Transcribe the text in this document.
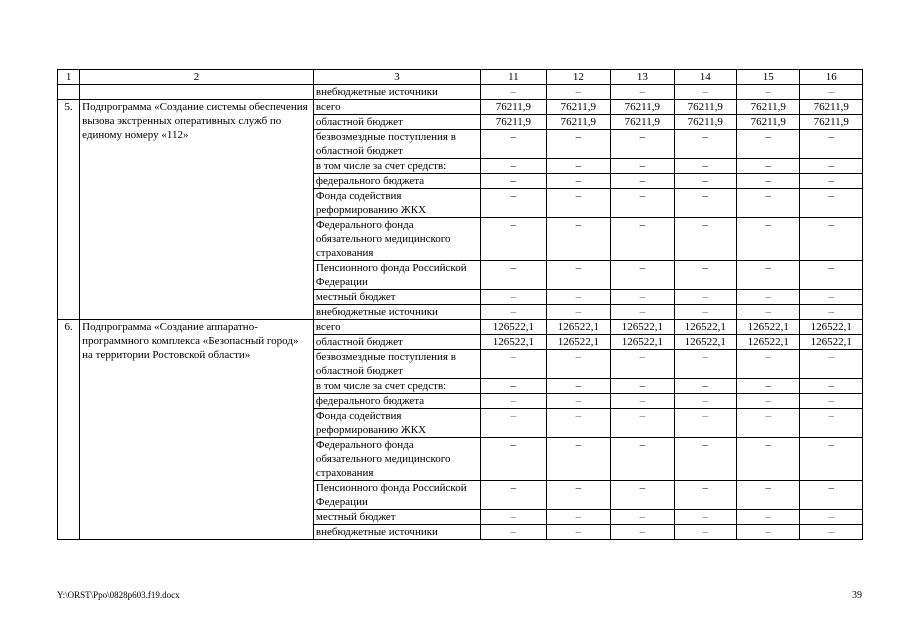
1	2	3	11	12	13	14	15	16
		внебюджетные источники	–	–	–	–	–	–
5.	Подпрограмма «Создание системы обеспечения вызова экстренных оперативных служб по единому номеру «112»	всего	76211,9	76211,9	76211,9	76211,9	76211,9	76211,9
		областной бюджет	76211,9	76211,9	76211,9	76211,9	76211,9	76211,9
		безвозмездные поступления в областной бюджет	–	–	–	–	–	–
		в том числе за счет средств:	–	–	–	–	–	–
		федерального бюджета	–	–	–	–	–	–
		Фонда содействия реформированию ЖКХ	–	–	–	–	–	–
		Федерального фонда обязательного медицинского страхования	–	–	–	–	–	–
		Пенсионного фонда Российской Федерации	–	–	–	–	–	–
		местный бюджет	–	–	–	–	–	–
		внебюджетные источники	–	–	–	–	–	–
6.	Подпрограмма «Создание аппаратно-программного комплекса «Безопасный город» на территории Ростовской области»	всего	126522,1	126522,1	126522,1	126522,1	126522,1	126522,1
		областной бюджет	126522,1	126522,1	126522,1	126522,1	126522,1	126522,1
		безвозмездные поступления в областной бюджет	–	–	–	–	–	–
		в том числе за счет средств:	–	–	–	–	–	–
		федерального бюджета	–	–	–	–	–	–
		Фонда содействия реформированию ЖКХ	–	–	–	–	–	–
		Федерального фонда обязательного медицинского страхования	–	–	–	–	–	–
		Пенсионного фонда Российской Федерации	–	–	–	–	–	–
		местный бюджет	–	–	–	–	–	–
		внебюджетные источники	–	–	–	–	–	–
Y:\ORST\Ppo\0828p603.f19.docx	39
